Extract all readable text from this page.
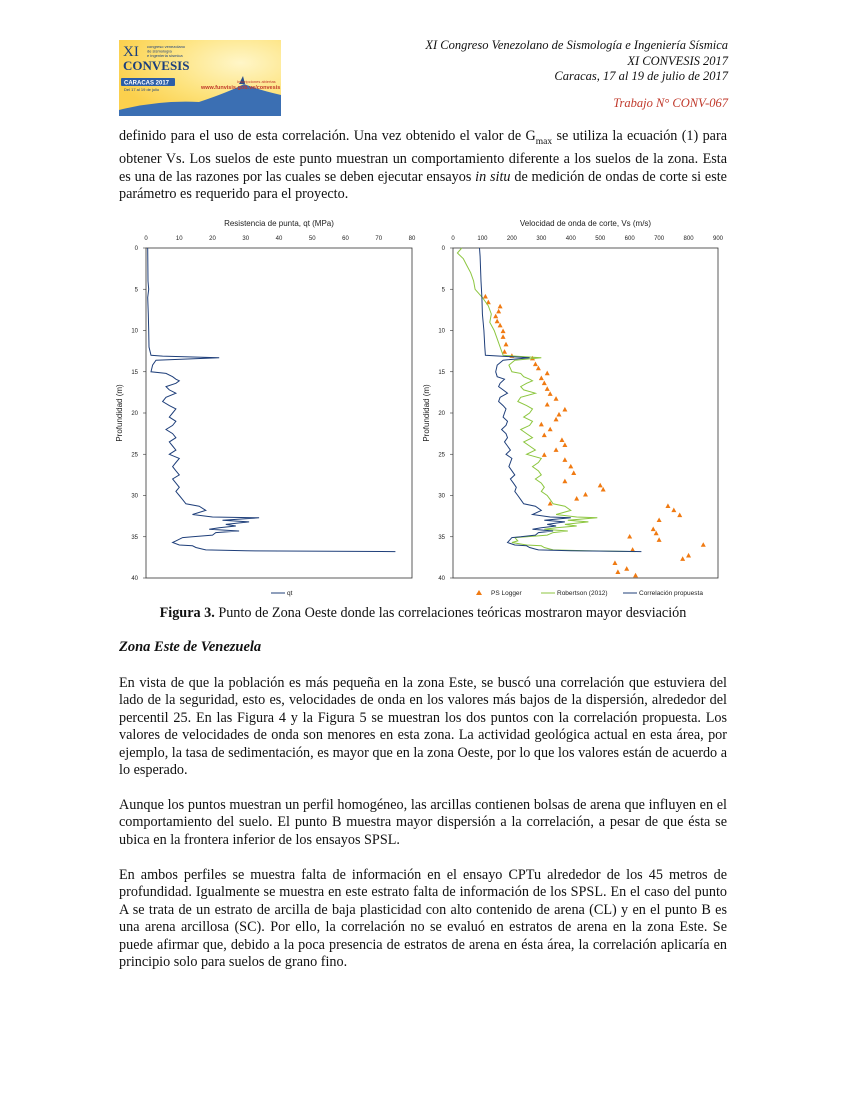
XI
CONVESIS
congreso venezolano
de sismología
e ingeniería sísmica
CARACAS 2017
Del 17 al 19 de julio
Inscripciones abiertas
www.funvisis.gob.ve/convesis
XI Congreso Venezolano de Sismología e Ingeniería Sísmica
XI CONVESIS 2017
Caracas, 17 al 19 de julio de 2017
Trabajo N° CONV-067

definido para el uso de esta correlación. Una vez obtenido el valor de $G_{max}$ se utiliza la ecuación (1) para obtener Vs. Los suelos de este punto muestran un comportamiento diferente a los suelos de la zona. Esta es una de las razones por las cuales se deben ejecutar ensayos in situ de medición de ondas de corte si este parámetro es requerido para el proyecto.

Resistencia de punta, qt (MPa)
0	10	20	30	40	50	60	70	80
0
5
10
15
20
25
30
35
40
Profundidad (m)
qt
Velocidad de onda de corte, Vs (m/s)
0	100	200	300	400	500	600	700	800	900
0
5
10
15
20
25
30
35
40
Profundidad (m)
PS Logger	Robertson (2012)	Correlación propuesta

Figura 3. Punto de Zona Oeste donde las correlaciones teóricas mostraron mayor desviación

Zona Este de Venezuela

En vista de que la población es más pequeña en la zona Este, se buscó una correlación que estuviera del lado de la seguridad, esto es, velocidades de onda en los valores más bajos de la dispersión, alrededor del percentil 25. En las Figura 4 y la Figura 5 se muestran los dos puntos con la correlación propuesta. Los valores de velocidades de onda son menores en esta zona. La actividad geológica actual en esta área, por ejemplo, la tasa de sedimentación, es mayor que en la zona Oeste, por lo que los valores están de acuerdo a lo esperado.

Aunque los puntos muestran un perfil homogéneo, las arcillas contienen bolsas de arena que influyen en el comportamiento del suelo. El punto B muestra mayor dispersión a la correlación, a pesar de que ésta se ubica en la frontera inferior de los ensayos SPSL.

En ambos perfiles se muestra falta de información en el ensayo CPTu alrededor de los 45 metros de profundidad. Igualmente se muestra en este estrato falta de información de los SPSL. En el caso del punto A se trata de un estrato de arcilla de baja plasticidad con alto contenido de arena (CL) y en el punto B es una arena arcillosa (SC). Por ello, la correlación no se evaluó en estratos de arena en la zona Este. Se puede afirmar que, debido a la poca presencia de estratos de arena en ésta área, la correlación aplicaría en principio solo para suelos de grano fino.
